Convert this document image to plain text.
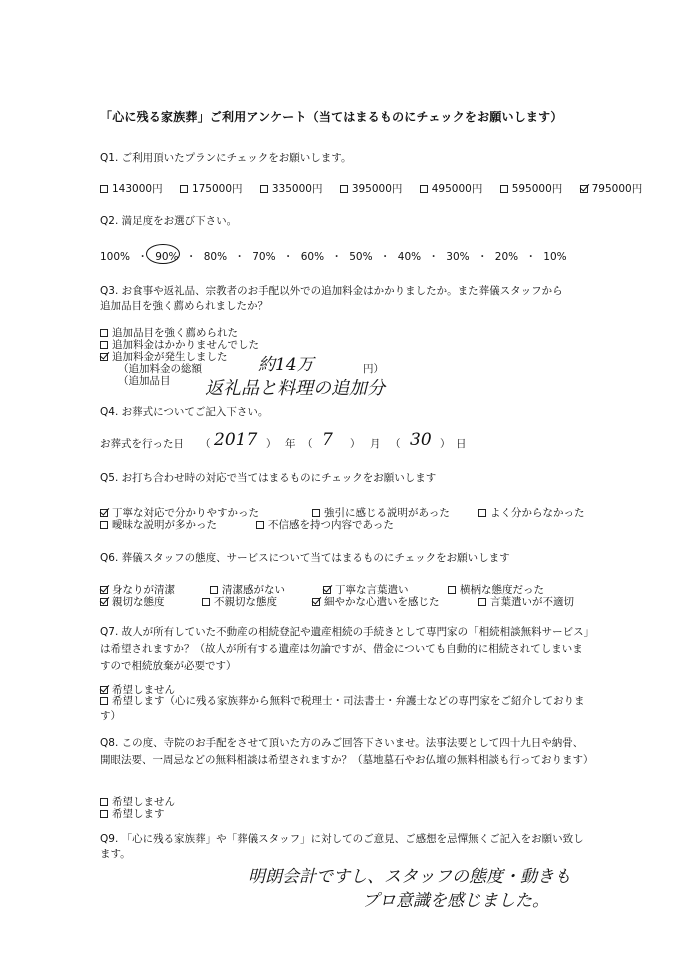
「心に残る家族葬」ご利用アンケート（当てはまるものにチェックをお願いします）
Q1. ご利用頂いたプランにチェックをお願いします。
143000円	175000円	335000円	395000円	495000円	595000円	795000円
Q2. 満足度をお選び下さい。
100% ・ 90% ・ 80% ・ 70% ・ 60% ・ 50% ・ 40% ・ 30% ・ 20% ・ 10%
Q3. お食事や返礼品、宗教者のお手配以外での追加料金はかかりましたか。また葬儀スタッフから
追加品目を強く薦められましたか？
追加品目を強く薦められた
追加料金はかかりませんでした
追加料金が発生しました
（追加料金の総額	円）
（追加品目
約14万
返礼品と料理の追加分
Q4. お葬式についてご記入下さい。
お葬式を行った日 （ 2017 ） 年 （ 7 ） 月 （ 30 ） 日
Q5. お打ち合わせ時の対応で当てはまるものにチェックをお願いします
丁寧な対応で分かりやすかった	強引に感じる説明があった	よく分からなかった
曖昧な説明が多かった	不信感を持つ内容であった
Q6. 葬儀スタッフの態度、サービスについて当てはまるものにチェックをお願いします
身なりが清潔	清潔感がない	丁寧な言葉遣い	横柄な態度だった
親切な態度	不親切な態度	細やかな心遣いを感じた	言葉遣いが不適切
Q7. 故人が所有していた不動産の相続登記や遺産相続の手続きとして専門家の「相続相談無料サービス」は希望されますか？（故人が所有する遺産は勿論ですが、借金についても自動的に相続されてしまいますので相続放棄が必要です）
希望しません
希望します（心に残る家族葬から無料で税理士・司法書士・弁護士などの専門家をご紹介しております）
Q8. この度、寺院のお手配をさせて頂いた方のみご回答下さいませ。法事法要として四十九日や納骨、開眼法要、一周忌などの無料相談は希望されますか？（墓地墓石やお仏壇の無料相談も行っております）
希望しません
希望します
Q9. 「心に残る家族葬」や「葬儀スタッフ」に対してのご意見、ご感想を忌憚無くご記入をお願い致します。
明朗会計ですし、スタッフの態度・動きも
プロ意識を感じました。
